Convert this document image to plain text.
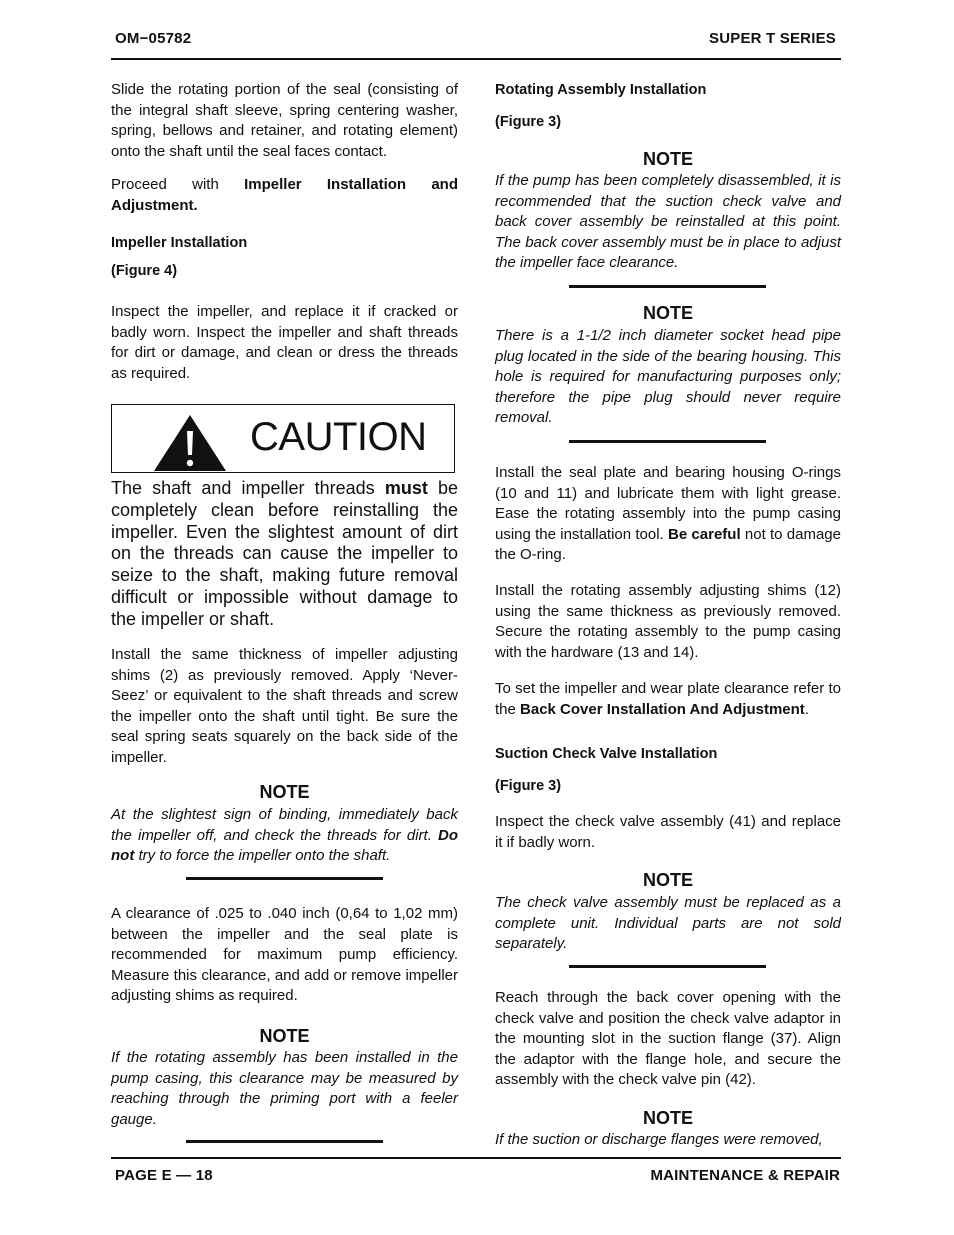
OM−05782	SUPER T SERIES

Slide the rotating portion of the seal (consisting of the integral shaft sleeve, spring centering washer, spring, bellows and retainer, and rotating element) onto the shaft until the seal faces contact.

Proceed with Impeller Installation and Adjustment.

Impeller Installation

(Figure 4)

Inspect the impeller, and replace it if cracked or badly worn. Inspect the impeller and shaft threads for dirt or damage, and clean or dress the threads as required.

CAUTION

The shaft and impeller threads must be completely clean before reinstalling the impeller. Even the slightest amount of dirt on the threads can cause the impeller to seize to the shaft, making future removal difficult or impossible without damage to the impeller or shaft.

Install the same thickness of impeller adjusting shims (2) as previously removed. Apply ‘Never-Seez’ or equivalent to the shaft threads and screw the impeller onto the shaft until tight. Be sure the seal spring seats squarely on the back side of the impeller.

NOTE

At the slightest sign of binding, immediately back the impeller off, and check the threads for dirt. Do not try to force the impeller onto the shaft.

A clearance of .025 to .040 inch (0,64 to 1,02 mm) between the impeller and the seal plate is recommended for maximum pump efficiency. Measure this clearance, and add or remove impeller adjusting shims as required.

NOTE

If the rotating assembly has been installed in the pump casing, this clearance may be measured by reaching through the priming port with a feeler gauge.

Rotating Assembly Installation

(Figure 3)

NOTE

If the pump has been completely disassembled, it is recommended that the suction check valve and back cover assembly be reinstalled at this point. The back cover assembly must be in place to adjust the impeller face clearance.

NOTE

There is a 1-1/2 inch diameter socket head pipe plug located in the side of the bearing housing. This hole is required for manufacturing purposes only; therefore the pipe plug should never require removal.

Install the seal plate and bearing housing O-rings (10 and 11) and lubricate them with light grease. Ease the rotating assembly into the pump casing using the installation tool. Be careful not to damage the O-ring.

Install the rotating assembly adjusting shims (12) using the same thickness as previously removed. Secure the rotating assembly to the pump casing with the hardware (13 and 14).

To set the impeller and wear plate clearance refer to the Back Cover Installation And Adjustment.

Suction Check Valve Installation

(Figure 3)

Inspect the check valve assembly (41) and replace it if badly worn.

NOTE

The check valve assembly must be replaced as a complete unit. Individual parts are not sold separately.

Reach through the back cover opening with the check valve and position the check valve adaptor in the mounting slot in the suction flange (37). Align the adaptor with the flange hole, and secure the assembly with the check valve pin (42).

NOTE

If the suction or discharge flanges were removed,

PAGE E — 18	MAINTENANCE & REPAIR
